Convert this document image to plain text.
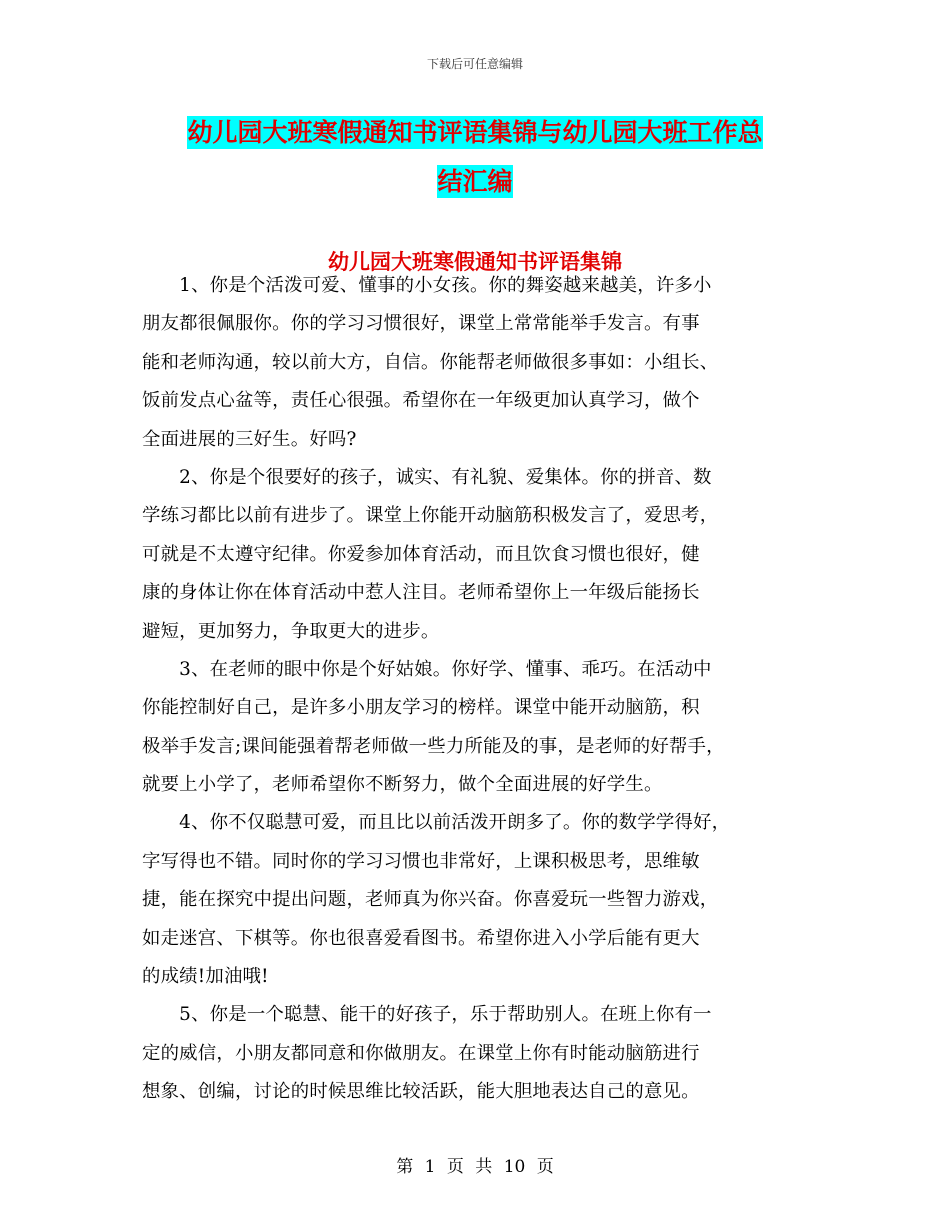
下载后可任意编辑
幼儿园大班寒假通知书评语集锦与幼儿园大班工作总
结汇编
幼儿园大班寒假通知书评语集锦
　　1、你是个活泼可爱、懂事的小女孩。你的舞姿越来越美，许多小
朋友都很佩服你。你的学习习惯很好，课堂上常常能举手发言。有事
能和老师沟通，较以前大方，自信。你能帮老师做很多事如：小组长、
饭前发点心盆等，责任心很强。希望你在一年级更加认真学习，做个
全面进展的三好生。好吗?
　　2、你是个很要好的孩子，诚实、有礼貌、爱集体。你的拼音、数
学练习都比以前有进步了。课堂上你能开动脑筋积极发言了，爱思考，
可就是不太遵守纪律。你爱参加体育活动，而且饮食习惯也很好，健
康的身体让你在体育活动中惹人注目。老师希望你上一年级后能扬长
避短，更加努力，争取更大的进步。
　　3、在老师的眼中你是个好姑娘。你好学、懂事、乖巧。在活动中
你能控制好自己，是许多小朋友学习的榜样。课堂中能开动脑筋，积
极举手发言;课间能强着帮老师做一些力所能及的事，是老师的好帮手，
就要上小学了，老师希望你不断努力，做个全面进展的好学生。
　　4、你不仅聪慧可爱，而且比以前活泼开朗多了。你的数学学得好，
字写得也不错。同时你的学习习惯也非常好，上课积极思考，思维敏
捷，能在探究中提出问题，老师真为你兴奋。你喜爱玩一些智力游戏，
如走迷宫、下棋等。你也很喜爱看图书。希望你进入小学后能有更大
的成绩!加油哦!
　　5、你是一个聪慧、能干的好孩子，乐于帮助别人。在班上你有一
定的威信，小朋友都同意和你做朋友。在课堂上你有时能动脑筋进行
想象、创编，讨论的时候思维比较活跃，能大胆地表达自己的意见。
第 1 页 共 10 页
